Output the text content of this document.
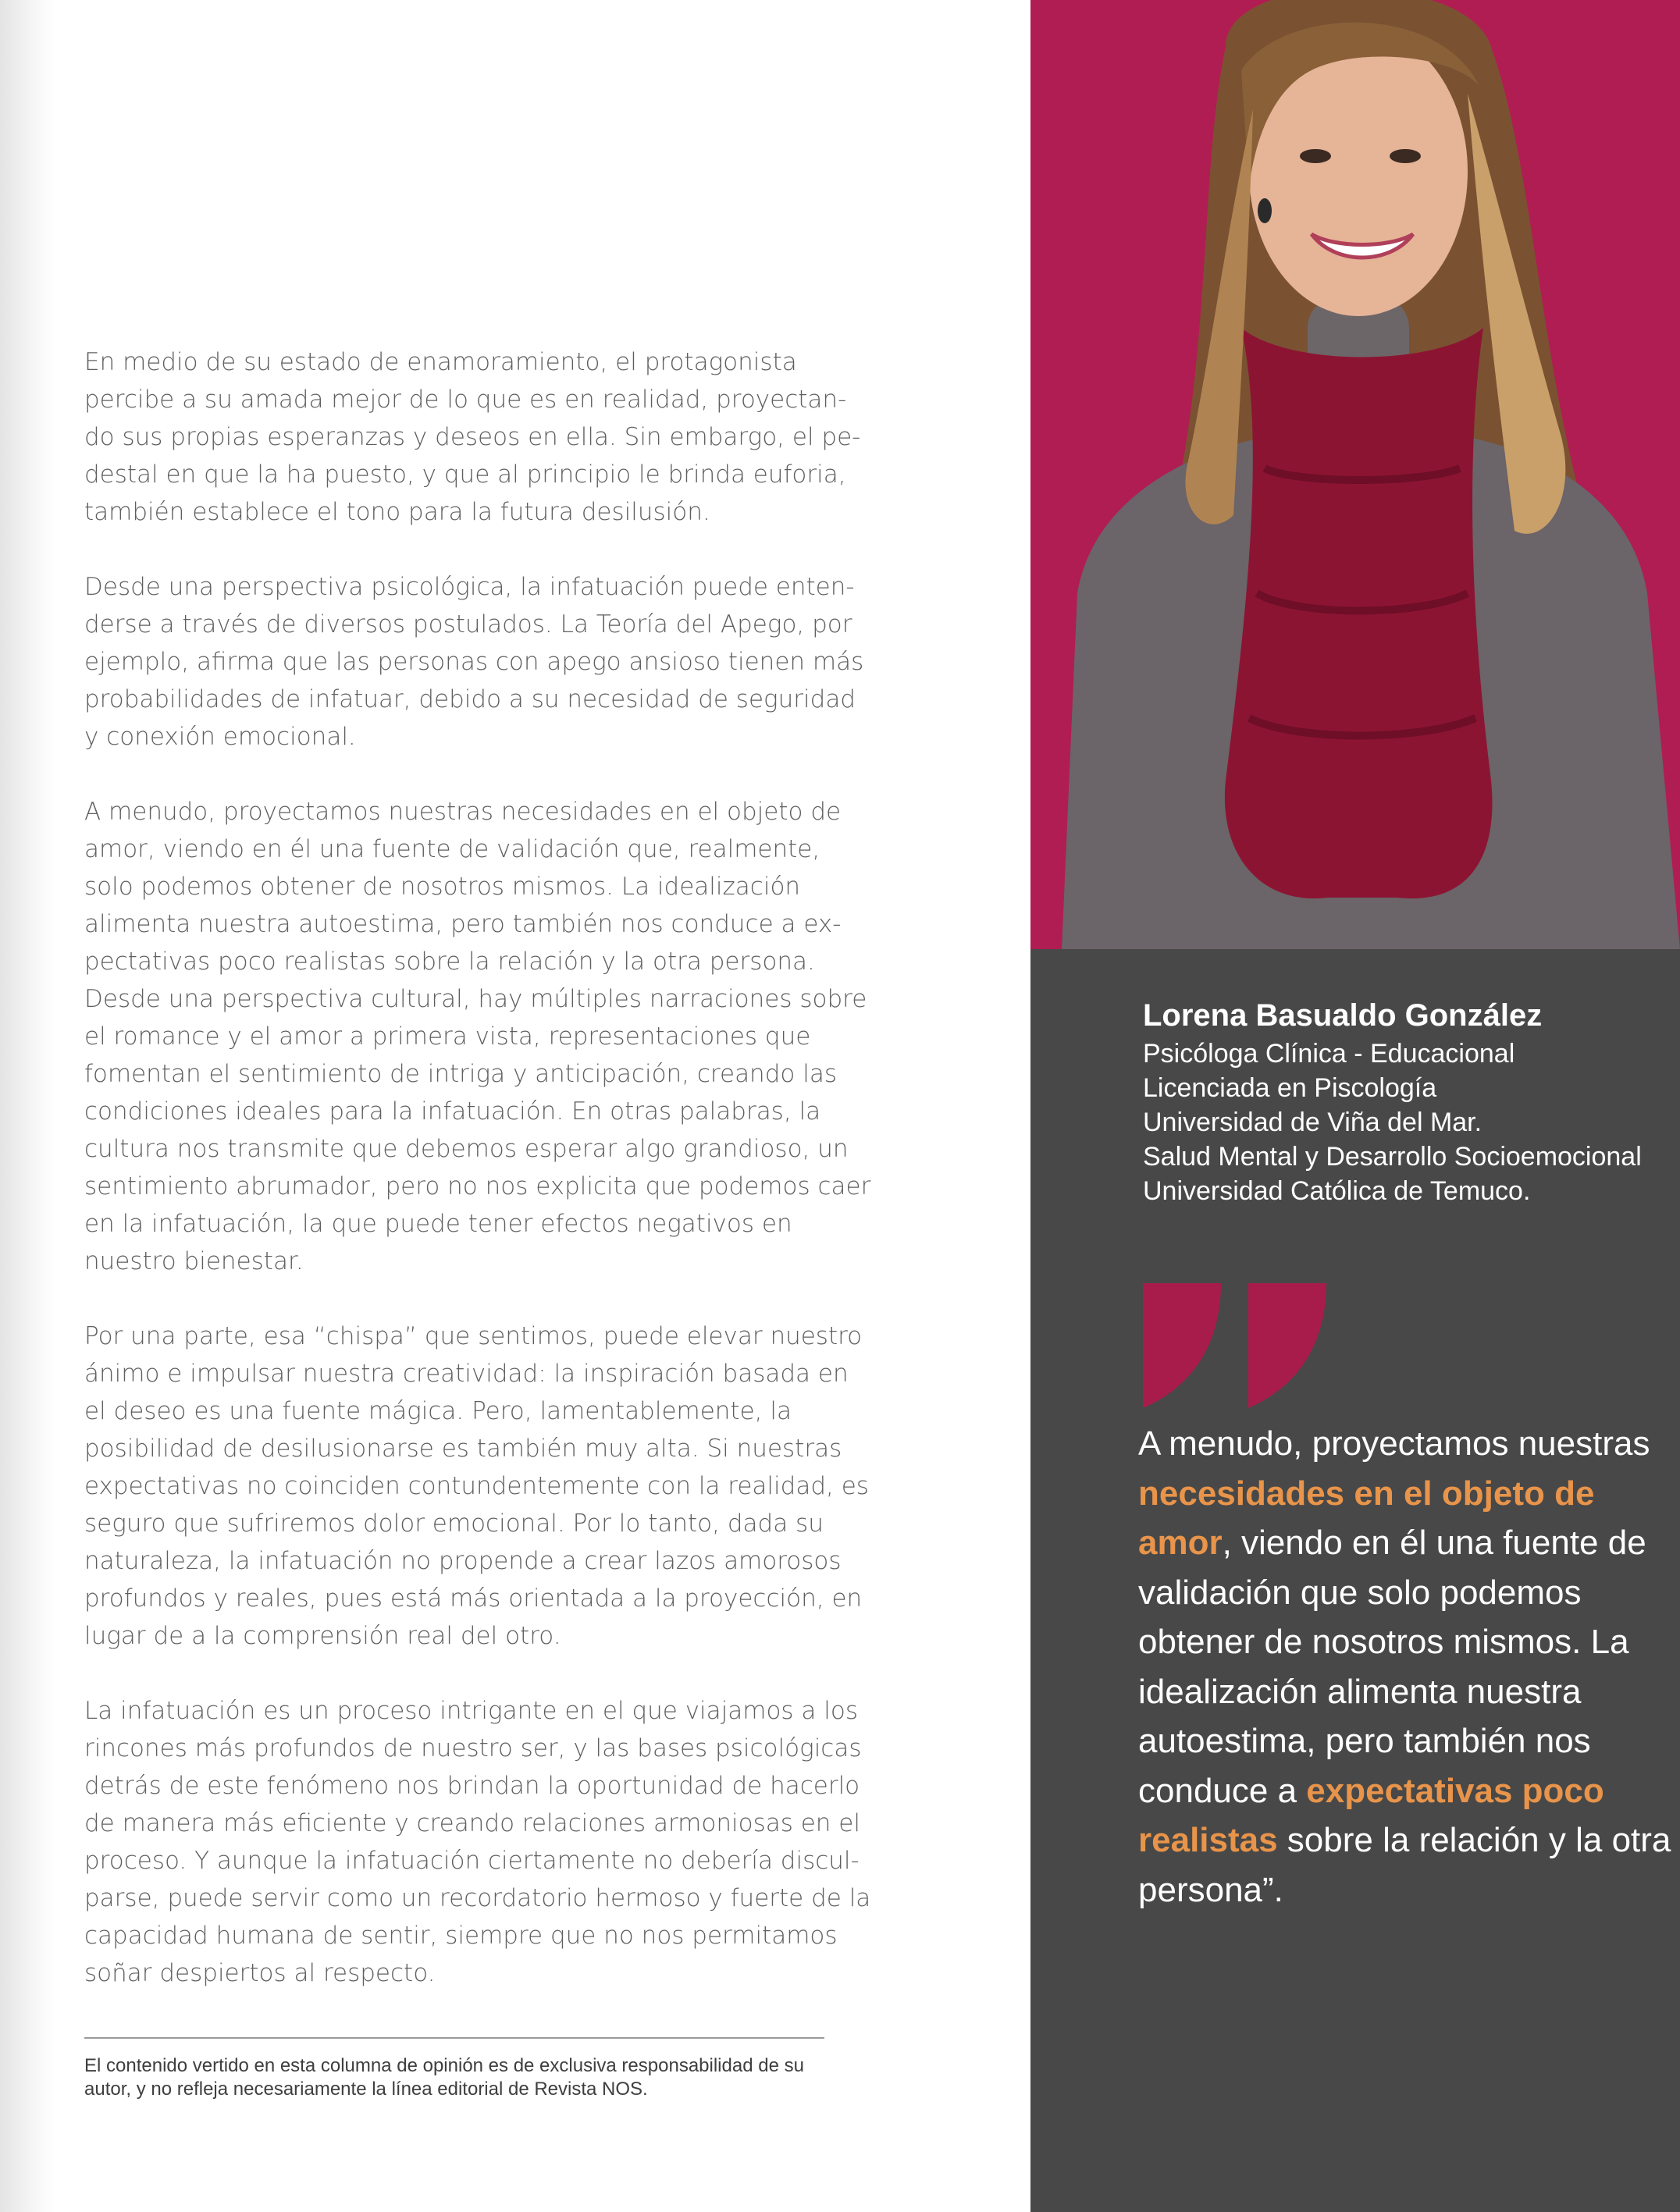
En medio de su estado de enamoramiento, el protagonista percibe a su amada mejor de lo que es en realidad, proyectan-do sus propias esperanzas y deseos en ella. Sin embargo, el pe-destal en que la ha puesto, y que al principio le brinda euforia, también establece el tono para la futura desilusión.

Desde una perspectiva psicológica, la infatuación puede enten-derse a través de diversos postulados. La Teoría del Apego, por ejemplo, afirma que las personas con apego ansioso tienen más probabilidades de infatuar, debido a su necesidad de seguridad y conexión emocional.

A menudo, proyectamos nuestras necesidades en el objeto de amor, viendo en él una fuente de validación que, realmente, solo podemos obtener de nosotros mismos. La idealización alimenta nuestra autoestima, pero también nos conduce a ex-pectativas poco realistas sobre la relación y la otra persona. Desde una perspectiva cultural, hay múltiples narraciones sobre el romance y el amor a primera vista, representaciones que fomentan el sentimiento de intriga y anticipación, creando las condiciones ideales para la infatuación. En otras palabras, la cultura nos transmite que debemos esperar algo grandioso, un sentimiento abrumador, pero no nos explicita que podemos caer en la infatuación, la que puede tener efectos negativos en nuestro bienestar.

Por una parte, esa “chispa” que sentimos, puede elevar nuestro ánimo e impulsar nuestra creatividad: la inspiración basada en el deseo es una fuente mágica. Pero, lamentablemente, la posibilidad de desilusionarse es también muy alta. Si nuestras expectativas no coinciden contundentemente con la realidad, es seguro que sufriremos dolor emocional. Por lo tanto, dada su naturaleza, la infatuación no propende a crear lazos amorosos profundos y reales, pues está más orientada a la proyección, en lugar de a la comprensión real del otro.

La infatuación es un proceso intrigante en el que viajamos a los rincones más profundos de nuestro ser, y las bases psicológicas detrás de este fenómeno nos brindan la oportunidad de hacerlo de manera más eficiente y creando relaciones armoniosas en el proceso. Y aunque la infatuación ciertamente no debería discul-parse, puede servir como un recordatorio hermoso y fuerte de la capacidad humana de sentir, siempre que no nos permitamos soñar despiertos al respecto.

El contenido vertido en esta columna de opinión es de exclusiva responsabilidad de su autor, y no refleja necesariamente la línea editorial de Revista NOS.
Lorena Basualdo González
Psicóloga Clínica - Educacional
Licenciada en Piscología
Universidad de Viña del Mar.
Salud Mental y Desarrollo Socioemocional
Universidad Católica de Temuco.
A menudo, proyectamos nuestras necesidades en el objeto de amor, viendo en él una fuente de validación que solo podemos obtener de nosotros mismos. La idealización alimenta nuestra autoestima, pero también nos conduce a expectativas poco realistas sobre la relación y la otra persona”.
